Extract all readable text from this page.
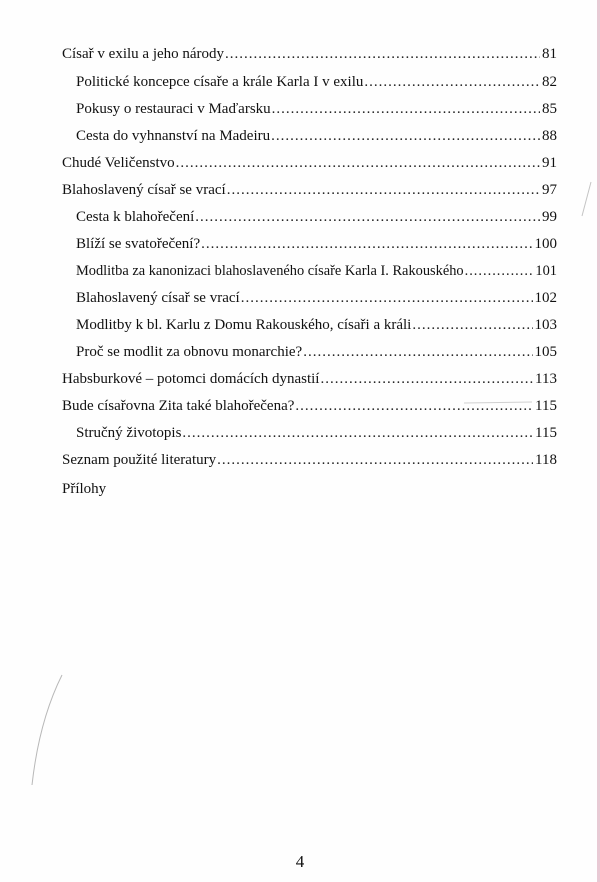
Císař v exilu a jeho národy .....	81
Politické koncepce císaře a krále Karla I v exilu .....	82
Pokusy o restauraci v Maďarsku .....	85
Cesta do vyhnanství na Madeiru .....	88
Chudé Veličenstvo .....	91
Blahoslavený císař se vrací .....	97
Cesta k blahořečení .....	99
Blíží se svatořečení? .....	100
Modlitba za kanonizaci blahoslaveného císaře Karla I. Rakouského .....	101
Blahoslavený císař se vrací .....	102
Modlitby k bl. Karlu z Domu Rakouského, císaři a králi .....	103
Proč se modlit za obnovu monarchie? .....	105
Habsburkové – potomci domácích dynastií .....	113
Bude císařovna Zita také blahořečena? .....	115
Stručný životopis .....	115
Seznam použité literatury .....	118
Přílohy
4
